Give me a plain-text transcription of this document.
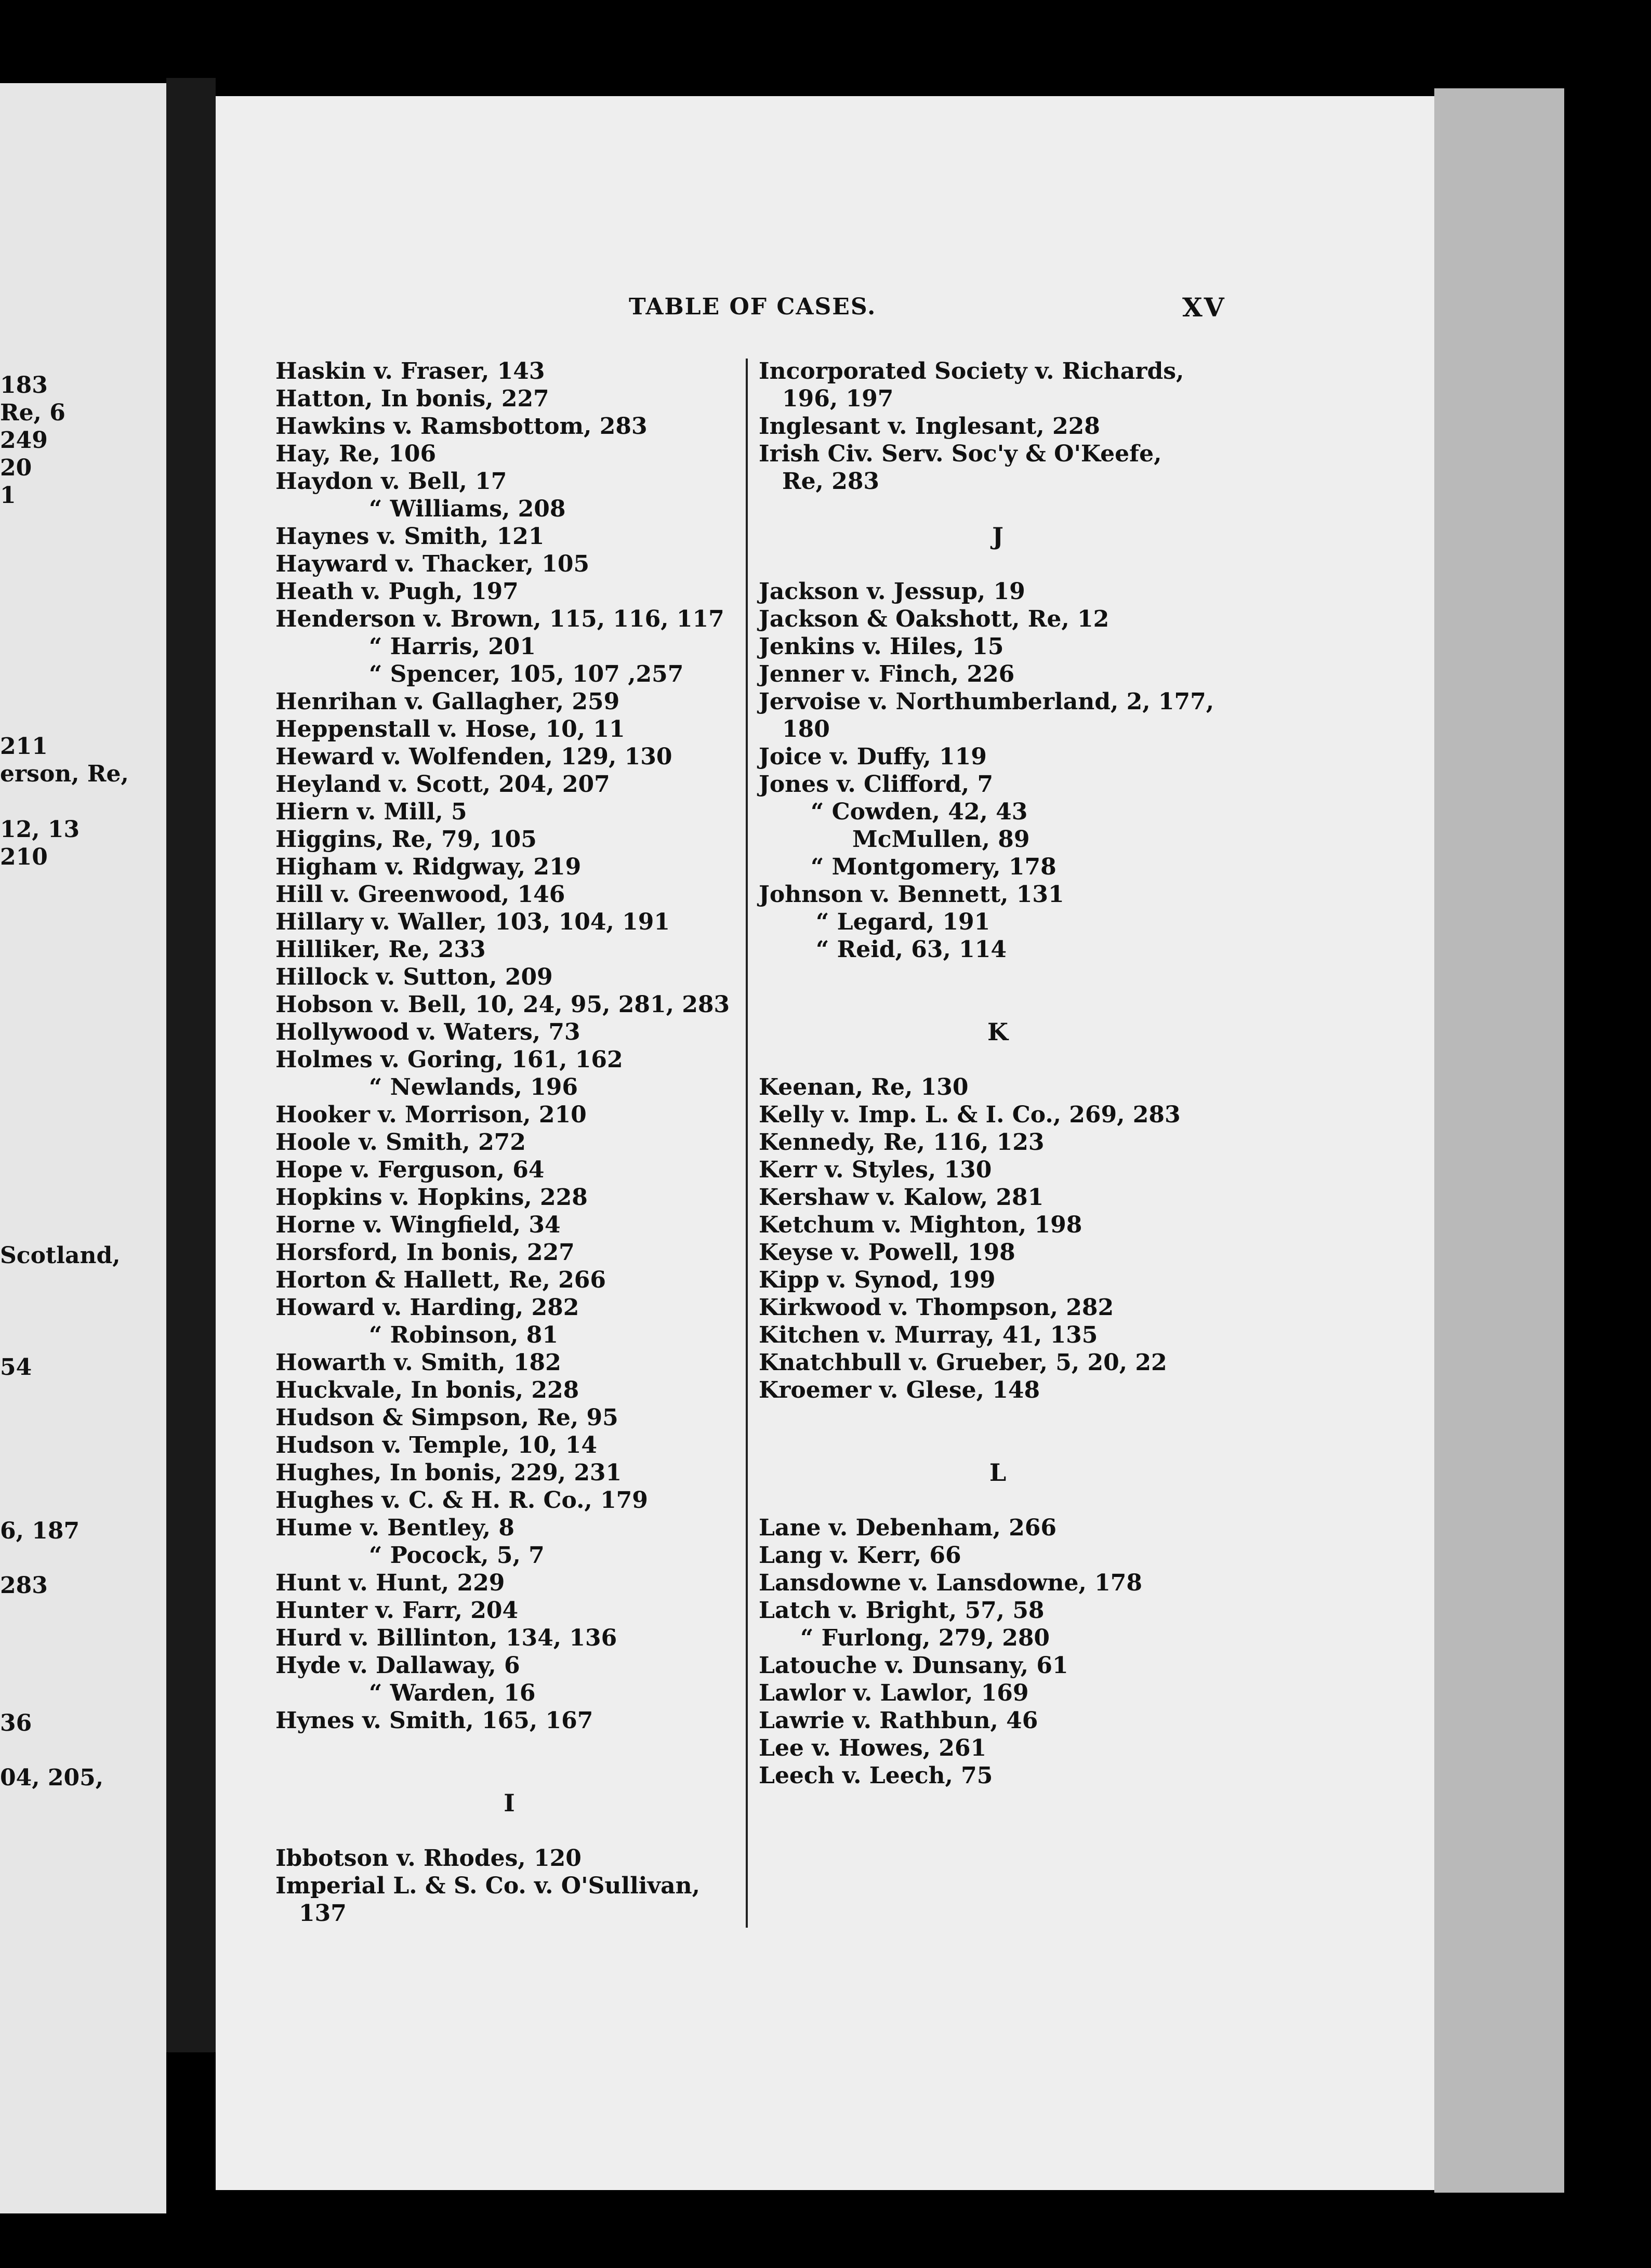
183
Re, 6
249
20
1
211
erson, Re,
12, 13
210
Scotland,
54
6, 187
283
36
04, 205,
TABLE OF CASES.	XV
Haskin v. Fraser, 143
Hatton, In bonis, 227
Hawkins v. Ramsbottom, 283
Hay, Re, 106
Haydon v. Bell, 17
“ Williams, 208
Haynes v. Smith, 121
Hayward v. Thacker, 105
Heath v. Pugh, 197
Henderson v. Brown, 115, 116, 117
“ Harris, 201
“ Spencer, 105, 107 ,257
Henrihan v. Gallagher, 259
Heppenstall v. Hose, 10, 11
Heward v. Wolfenden, 129, 130
Heyland v. Scott, 204, 207
Hiern v. Mill, 5
Higgins, Re, 79, 105
Higham v. Ridgway, 219
Hill v. Greenwood, 146
Hillary v. Waller, 103, 104, 191
Hilliker, Re, 233
Hillock v. Sutton, 209
Hobson v. Bell, 10, 24, 95, 281, 283
Hollywood v. Waters, 73
Holmes v. Goring, 161, 162
“ Newlands, 196
Hooker v. Morrison, 210
Hoole v. Smith, 272
Hope v. Ferguson, 64
Hopkins v. Hopkins, 228
Horne v. Wingfield, 34
Horsford, In bonis, 227
Horton & Hallett, Re, 266
Howard v. Harding, 282
“ Robinson, 81
Howarth v. Smith, 182
Huckvale, In bonis, 228
Hudson & Simpson, Re, 95
Hudson v. Temple, 10, 14
Hughes, In bonis, 229, 231
Hughes v. C. & H. R. Co., 179
Hume v. Bentley, 8
“ Pocock, 5, 7
Hunt v. Hunt, 229
Hunter v. Farr, 204
Hurd v. Billinton, 134, 136
Hyde v. Dallaway, 6
“ Warden, 16
Hynes v. Smith, 165, 167
I
Ibbotson v. Rhodes, 120
Imperial L. & S. Co. v. O'Sullivan,
137
Incorporated Society v. Richards,
196, 197
Inglesant v. Inglesant, 228
Irish Civ. Serv. Soc'y & O'Keefe,
Re, 283
J
Jackson v. Jessup, 19
Jackson & Oakshott, Re, 12
Jenkins v. Hiles, 15
Jenner v. Finch, 226
Jervoise v. Northumberland, 2, 177,
180
Joice v. Duffy, 119
Jones v. Clifford, 7
“ Cowden, 42, 43
McMullen, 89
“ Montgomery, 178
Johnson v. Bennett, 131
“ Legard, 191
“ Reid, 63, 114
K
Keenan, Re, 130
Kelly v. Imp. L. & I. Co., 269, 283
Kennedy, Re, 116, 123
Kerr v. Styles, 130
Kershaw v. Kalow, 281
Ketchum v. Mighton, 198
Keyse v. Powell, 198
Kipp v. Synod, 199
Kirkwood v. Thompson, 282
Kitchen v. Murray, 41, 135
Knatchbull v. Grueber, 5, 20, 22
Kroemer v. Glese, 148
L
Lane v. Debenham, 266
Lang v. Kerr, 66
Lansdowne v. Lansdowne, 178
Latch v. Bright, 57, 58
“ Furlong, 279, 280
Latouche v. Dunsany, 61
Lawlor v. Lawlor, 169
Lawrie v. Rathbun, 46
Lee v. Howes, 261
Leech v. Leech, 75
